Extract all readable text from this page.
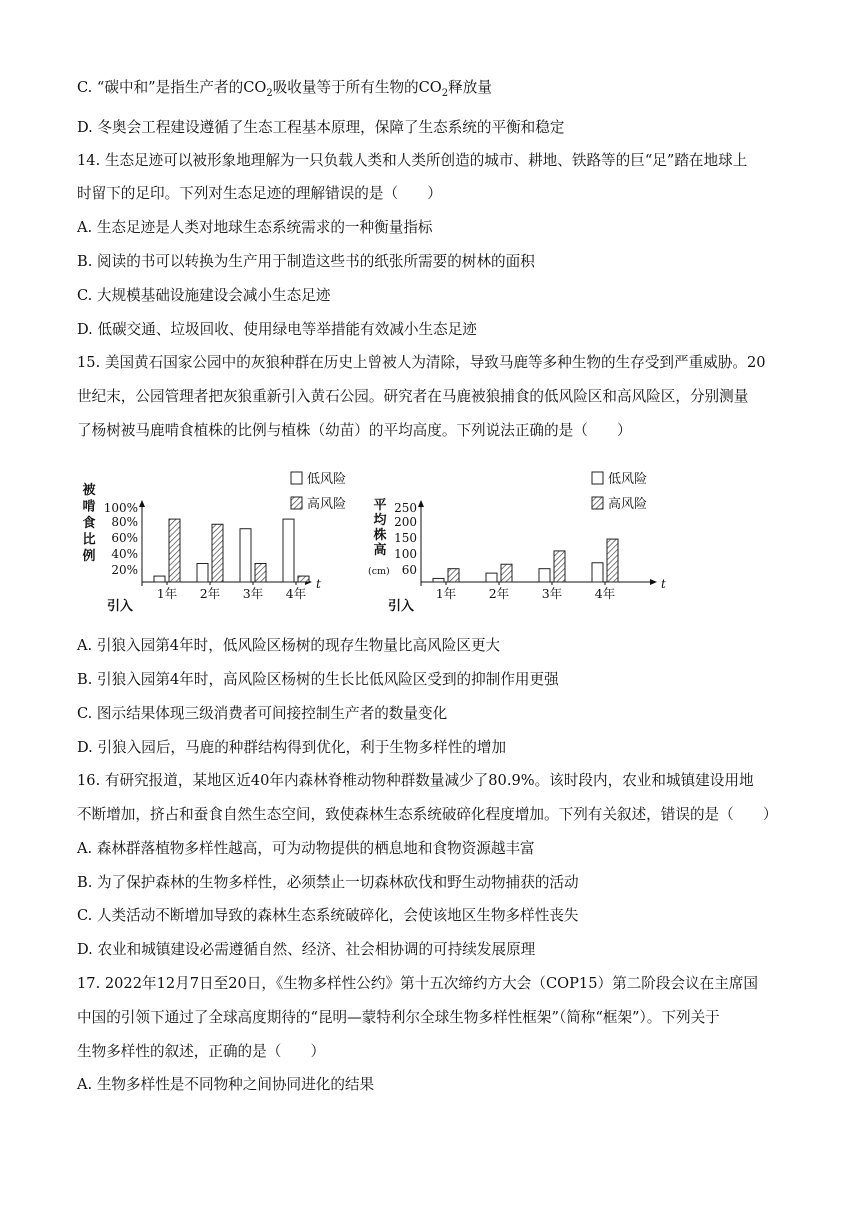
C. “碳中和”是指生产者的$CO_2$吸收量等于所有生物的$CO_2$释放量
D. 冬奥会工程建设遵循了生态工程基本原理，保障了生态系统的平衡和稳定
14. 生态足迹可以被形象地理解为一只负载人类和人类所创造的城市、耕地、铁路等的巨“足”踏在地球上
时留下的足印。下列对生态足迹的理解错误的是（　　）
A. 生态足迹是人类对地球生态系统需求的一种衡量指标
B. 阅读的书可以转换为生产用于制造这些书的纸张所需要的树林的面积
C. 大规模基础设施建设会减小生态足迹
D. 低碳交通、垃圾回收、使用绿电等举措能有效减小生态足迹
15. 美国黄石国家公园中的灰狼种群在历史上曾被人为清除，导致马鹿等多种生物的生存受到严重威胁。20
世纪末，公园管理者把灰狼重新引入黄石公园。研究者在马鹿被狼捕食的低风险区和高风险区，分别测量
了杨树被马鹿啃食植株的比例与植株（幼苗）的平均高度。下列说法正确的是（　　）
被
啃
食
比
例
t
20%
40%
60%
80%
100%
1年 2年 3年 4年
引入
低风险
高风险 平
均
株
高
(cm)
t
60
100
150
200
250
1年	2年	3年	4年
引入
低风险
高风险
A. 引狼入园第4年时，低风险区杨树的现存生物量比高风险区更大
B. 引狼入园第4年时，高风险区杨树的生长比低风险区受到的抑制作用更强
C. 图示结果体现三级消费者可间接控制生产者的数量变化
D. 引狼入园后，马鹿的种群结构得到优化，利于生物多样性的增加
16. 有研究报道，某地区近40年内森林脊椎动物种群数量减少了80.9%。该时段内，农业和城镇建设用地
不断增加，挤占和蚕食自然生态空间，致使森林生态系统破碎化程度增加。下列有关叙述，错误的是（　　）
A. 森林群落植物多样性越高，可为动物提供的栖息地和食物资源越丰富
B. 为了保护森林的生物多样性，必须禁止一切森林砍伐和野生动物捕获的活动
C. 人类活动不断增加导致的森林生态系统破碎化，会使该地区生物多样性丧失
D. 农业和城镇建设必需遵循自然、经济、社会相协调的可持续发展原理
17. 2022年12月7日至20日，《生物多样性公约》第十五次缔约方大会（COP15）第二阶段会议在主席国
中国的引领下通过了全球高度期待的“昆明—蒙特利尔全球生物多样性框架”（简称“框架”）。下列关于
生物多样性的叙述，正确的是（　　）
A. 生物多样性是不同物种之间协同进化的结果
